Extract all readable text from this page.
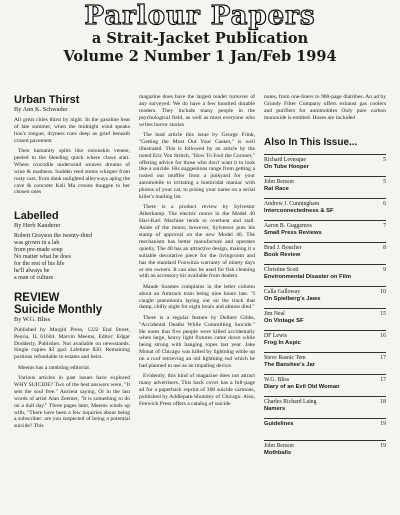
Parlour Papers
a Strait-Jacket Publication
Volume 2 Number 1 Jan/Feb 1994
Urban Thirst
By Ann K. Schwader

All great cities thirst by night. In the gasoline heat of late summer, when the midnight wind speaks lion's tongue, dryness runs deep as grief beneath crazed pavement

Then humanity splits like onionskin veneer, peeled to the bleeding quick where claws start. Where crocodile underwind weaves dreams of wine & madness. Sudden reed stems whisper from rusty cars, from dank unlighted alleyways aping the cave & concrete Kali Ma croons thuggee to her chosen ones

Labelled
By Herb Kauderer
Robert Grayson the twenty-third
was grown in a lab
from pre-made soup
No matter what he does
for the rest of his life
he'll always be
a man of culture
REVIEW
Suicide Monthly
By W.G. Bliss

Published by Murgid Press, 1222 End Street, Peoria, IL 61604. Marvin Meems, Editor: Edgar Dodderly, Publisher. Not available on newsstands. Single copies $3 ppd. Lifetime $30. Remaining portions refundable to estates and heirs.

Meems has a rambling editorial.

Various articles in past issues have explored WHY SUICIDE? Two of the best answers were, "It sets the soul free." Ancient saying. Or in the last words of artist Alan Zeemer, "It is something to do on a dull day." Three pages later, Meems winds up with, "There have been a few inquiries about being a subscriber: are you suspected of being a potential suicide? This

magazine does have the largest reader turnover of any surveyed. We do have a few hundred durable readers. They include many people in the psychological field, as well as most everyone who writes horror stories

The lead article this issue by George Frink, "Getting the Most Out Your Casket," is well illustrated. This is followed by an article by the noted Eric Von Stritch, "How To Fool the Coroner," offering advice for those who don't want it to look like a suicide. His suggestions range from getting a rusted out muffler from a junkyard for your automobile to irritating a homicidal maniac with photos of your cat, to posing your name on a serial killer's mailing list.

There is a product review by Sylvestor Atherkamp. The electric motor in the Model 40 Hari-Kari Machine tends to overheat and stall. Aside of the motor, however, Sylvestor puts his stamp of approval on the new Model 40. The mechanism has better manufacture and operates quietly. The 40 has an attractive design, making it a suitable decorative piece for the livingroom and has the standard Foowitza warranty of ninety days or ten owners. It can also be used for fish cleaning with an accessory kit available from dealers.

Maude Soames complains in the letter column about an Amtrack train being nine hours late. "I caught pneumonia laying out on the track that damp, chilly night for eight hours and almost died."

There is a regular feature by Delbert Gibbs, "Accidental Deaths While Committing Suicide." He notes that five people were killed accidentally when large, heavy light fixtures came down while being strung with hanging ropes last year. Jake Monat of Chicago was killed by lightning while up on a roof retrieving an old lightning rod which he had planned to use as an impaling device.

Evidently, this kind of magazine does not attract many advertisers. This back cover has a full-page ad for a paperback reprint of 300 suicide cartoons, published by Addlepate-Shumley of Chicago. Also, Fenwick Press offers a catalog of suicide

notes, from one-liners to 900-page diatribes. An ad by Grundy Filter Company offers exhaust gas coolers and purifiers for automobiles Only pure carbon monoxide is emitted. Hoses are included

Also In This Issue...
Richard Levesque
On Tube Hooper
5
John Benson
Rat Race
5
Andrew J. Cunningham
Interconnectedness & SF
6
Aaron B. Guggemos
Small Press Reviews
7
Brad J. Boucher
Book Review
8
Christine Scott
Environmental Disaster on Film
9
Calla Galloway
On Spielberg's Jaws
10
Jim Neal
On Vintage SF
15
DF Lewis
Frog In Aspic
16
Steve Rasnic Tem
The Banshee's Jar
17
W.G. Bliss
Diary of an Evil Old Woman
17
Charles Richard Laing
Namers
18
Guidelines	19
John Benson
Mothballs
19
